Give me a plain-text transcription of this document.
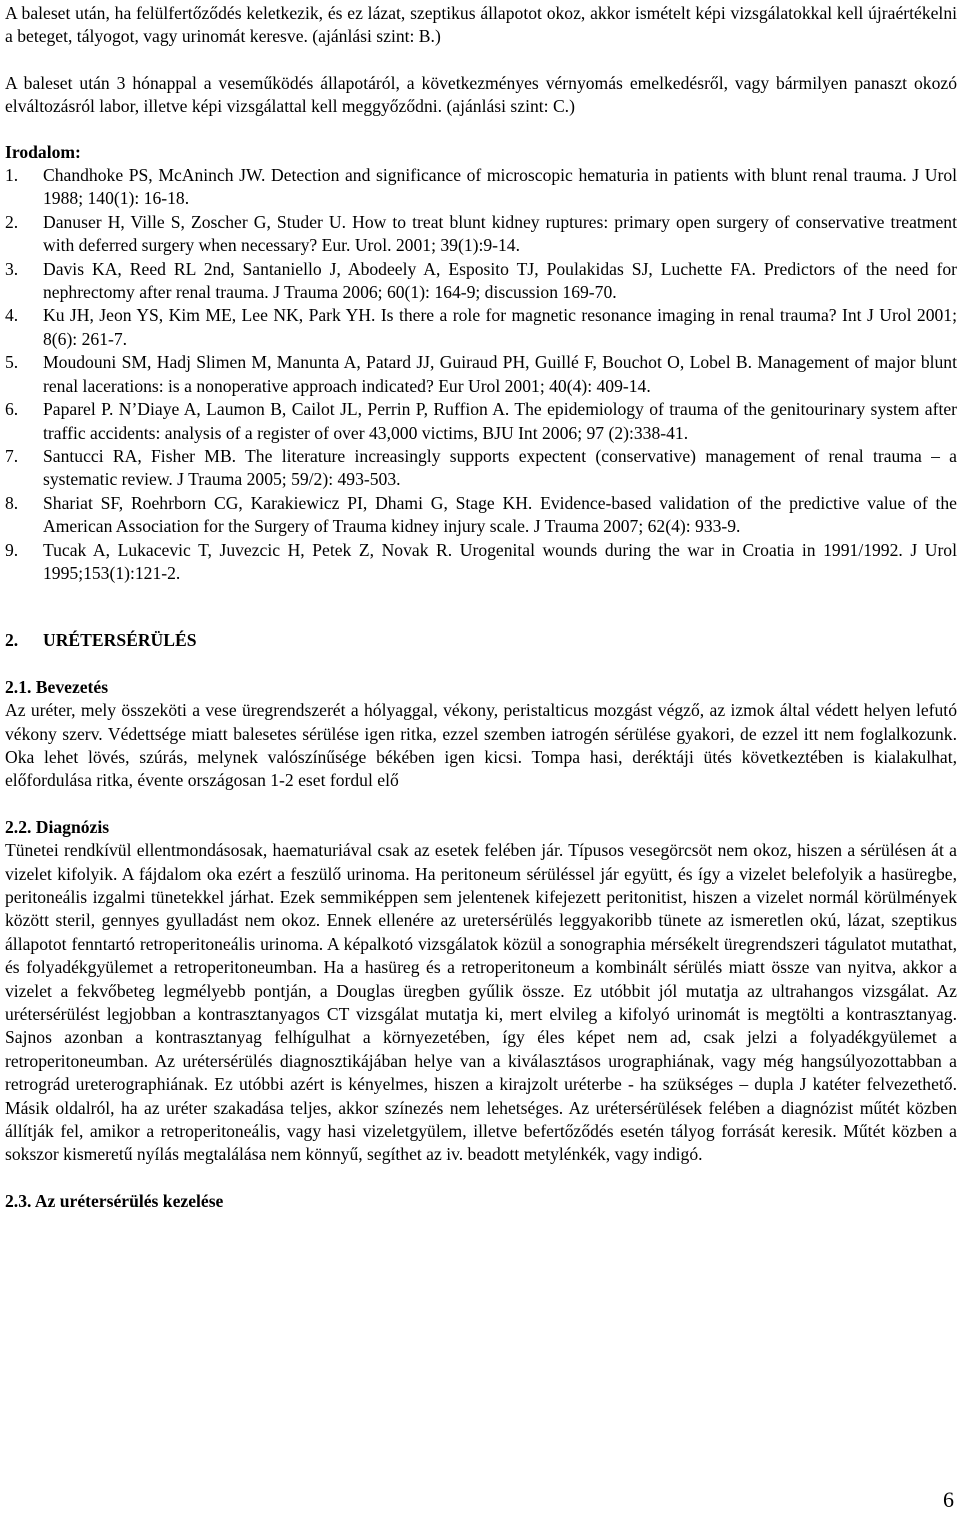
A baleset után, ha felülfertőződés keletkezik, és ez lázat, szeptikus állapotot okoz, akkor ismételt képi vizsgálatokkal kell újraértékelni a beteget, tályogot, vagy urinomát keresve. (ajánlási szint: B.)

A baleset után 3 hónappal a veseműködés állapotáról, a következményes vérnyomás emelkedésről, vagy bármilyen panaszt okozó elváltozásról labor, illetve képi vizsgálattal kell meggyőződni. (ajánlási szint: C.)

Irodalom:
1.	Chandhoke PS, McAninch JW. Detection and significance of microscopic hematuria in patients with blunt renal trauma. J Urol 1988; 140(1): 16-18.
2.	Danuser H, Ville S, Zoscher G, Studer U. How to treat blunt kidney ruptures: primary open surgery of conservative treatment with deferred surgery when necessary? Eur. Urol. 2001; 39(1):9-14.
3.	Davis KA, Reed RL 2nd, Santaniello J, Abodeely A, Esposito TJ, Poulakidas SJ, Luchette FA. Predictors of the need for nephrectomy after renal trauma. J Trauma 2006; 60(1): 164-9; discussion 169-70.
4.	Ku JH, Jeon YS, Kim ME, Lee NK, Park YH. Is there a role for magnetic resonance imaging in renal trauma? Int J Urol 2001; 8(6): 261-7.
5.	Moudouni SM, Hadj Slimen M, Manunta A, Patard JJ, Guiraud PH, Guillé F, Bouchot O, Lobel B. Management of major blunt renal lacerations: is a nonoperative approach indicated? Eur Urol 2001; 40(4): 409-14.
6.	Paparel P. N’Diaye A, Laumon B, Cailot JL, Perrin P, Ruffion A. The epidemiology of trauma of the genitourinary system after traffic accidents: analysis of a register of over 43,000 victims, BJU Int 2006; 97 (2):338-41.
7.	Santucci RA, Fisher MB. The literature increasingly supports expectent (conservative) management of renal trauma – a systematic review. J Trauma 2005; 59/2): 493-503.
8.	Shariat SF, Roehrborn CG, Karakiewicz PI, Dhami G, Stage KH. Evidence-based validation of the predictive value of the American Association for the Surgery of Trauma kidney injury scale. J Trauma 2007; 62(4): 933-9.
9.	Tucak A, Lukacevic T, Juvezcic H, Petek Z, Novak R. Urogenital wounds during the war in Croatia in 1991/1992. J Urol 1995;153(1):121-2.
2.	URÉTERSÉRÜLÉS
2.1. Bevezetés

Az uréter, mely összeköti a vese üregrendszerét a hólyaggal, vékony, peristalticus mozgást végző, az izmok által védett helyen lefutó vékony szerv. Védettsége miatt balesetes sérülése igen ritka, ezzel szemben iatrogén sérülése gyakori, de ezzel itt nem foglalkozunk. Oka lehet lövés, szúrás, melynek valószínűsége békében igen kicsi. Tompa hasi, deréktáji ütés következtében is kialakulhat, előfordulása ritka, évente országosan 1-2 eset fordul elő

2.2. Diagnózis

Tünetei rendkívül ellentmondásosak, haematuriával csak az esetek felében jár. Típusos vesegörcsöt nem okoz, hiszen a sérülésen át a vizelet kifolyik. A fájdalom oka ezért a feszülő urinoma. Ha peritoneum sérüléssel jár együtt, és így a vizelet belefolyik a hasüregbe, peritoneális izgalmi tünetekkel járhat. Ezek semmiképpen sem jelentenek kifejezett peritonitist, hiszen a vizelet normál körülmények között steril, gennyes gyulladást nem okoz. Ennek ellenére az uretersérülés leggyakoribb tünete az ismeretlen okú, lázat, szeptikus állapotot fenntartó retroperitoneális urinoma. A képalkotó vizsgálatok közül a sonographia mérsékelt üregrendszeri tágulatot mutathat, és folyadékgyülemet a retroperitoneumban. Ha a hasüreg és a retroperitoneum a kombinált sérülés miatt össze van nyitva, akkor a vizelet a fekvőbeteg legmélyebb pontján, a Douglas üregben gyűlik össze. Ez utóbbit jól mutatja az ultrahangos vizsgálat. Az urétersérülést legjobban a kontrasztanyagos CT vizsgálat mutatja ki, mert elvileg a kifolyó urinomát is megtölti a kontrasztanyag. Sajnos azonban a kontrasztanyag felhígulhat a környezetében, így éles képet nem ad, csak jelzi a folyadékgyülemet a retroperitoneumban. Az urétersérülés diagnosztikájában helye van a kiválasztásos urographiának, vagy még hangsúlyozottabban a retrográd ureterographiának. Ez utóbbi azért is kényelmes, hiszen a kirajzolt uréterbe - ha szükséges – dupla J katéter felvezethető. Másik oldalról, ha az uréter szakadása teljes, akkor színezés nem lehetséges. Az urétersérülések felében a diagnózist műtét közben állítják fel, amikor a retroperitoneális, vagy hasi vizeletgyülem, illetve befertőződés esetén tályog forrását keresik. Műtét közben a sokszor kismeretű nyílás megtalálása nem könnyű, segíthet az iv. beadott metylénkék, vagy indigó.

2.3. Az urétersérülés kezelése
6
